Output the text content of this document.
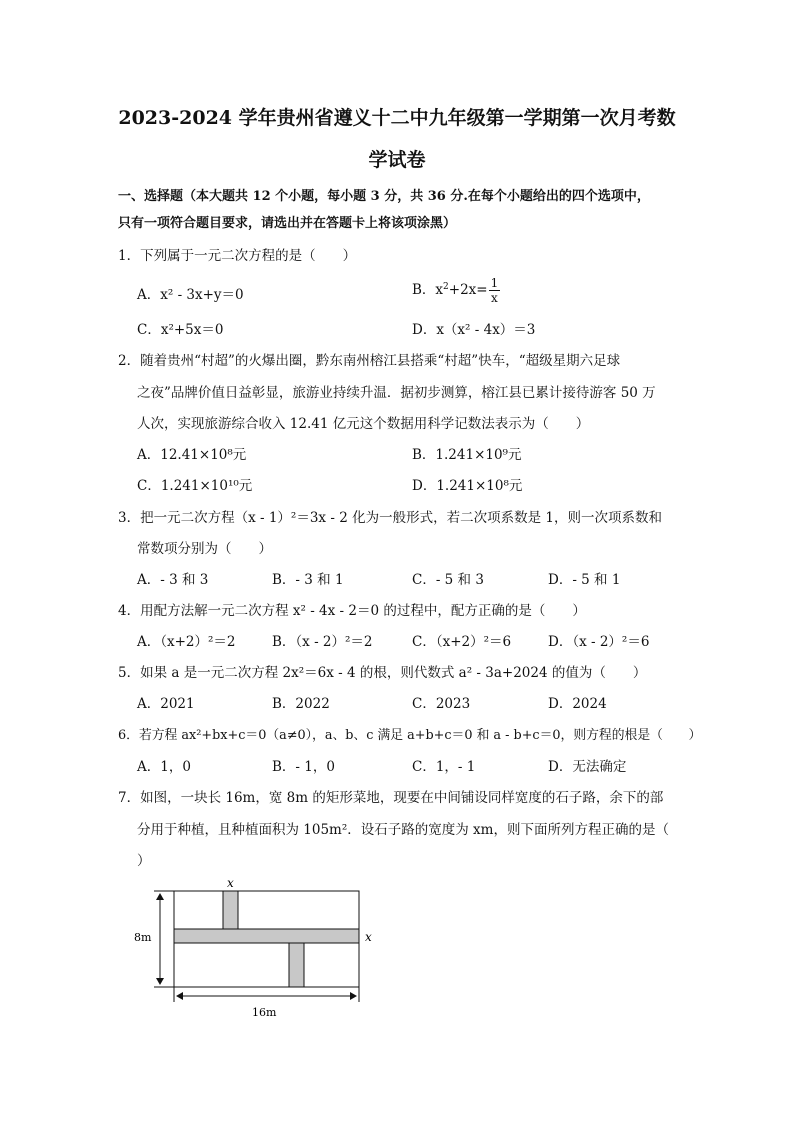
2023-2024 学年贵州省遵义十二中九年级第一学期第一次月考数
学试卷
一、选择题（本大题共 12 个小题，每小题 3 分，共 36 分.在每个小题给出的四个选项中，
只有一项符合题目要求，请选出并在答题卡上将该项涂黑）
1．下列属于一元二次方程的是（　　）
A．x² - 3x+y＝0	B．$x^2+2x= \frac{1}{x}$
C．x²+5x＝0	D．x（x² - 4x）＝3
2．随着贵州“村超”的火爆出圈，黔东南州榕江县搭乘“村超”快车，“超级星期六足球
之夜”品牌价值日益彰显，旅游业持续升温．据初步测算，榕江县已累计接待游客 50 万
人次，实现旅游综合收入 12.41 亿元这个数据用科学记数法表示为（　　）
A．12.41×10⁸元	B．1.241×10⁹元
C．1.241×10¹⁰元	D．1.241×10⁸元
3．把一元二次方程（x - 1）²＝3x - 2 化为一般形式，若二次项系数是 1，则一次项系数和
常数项分别为（　　）
A．- 3 和 3	B．- 3 和 1	C．- 5 和 3	D．- 5 和 1
4．用配方法解一元二次方程 x² - 4x - 2＝0 的过程中，配方正确的是（　　）
A．（x+2）²＝2	B．（x - 2）²＝2	C．（x+2）²＝6	D．（x - 2）²＝6
5．如果 a 是一元二次方程 2x²＝6x - 4 的根，则代数式 a² - 3a+2024 的值为（　　）
A．2021	B．2022	C．2023	D．2024
6．若方程 ax²+bx+c＝0（a≠0），a、b、c 满足 a+b+c＝0 和 a - b+c＝0，则方程的根是（　　）
A．1，0	B．- 1，0	C．1，- 1	D．无法确定
7．如图，一块长 16m，宽 8m 的矩形菜地，现要在中间铺设同样宽度的石子路，余下的部
分用于种植，且种植面积为 105m²．设石子路的宽度为 xm，则下面所列方程正确的是（
）
x
x
8m
16m
